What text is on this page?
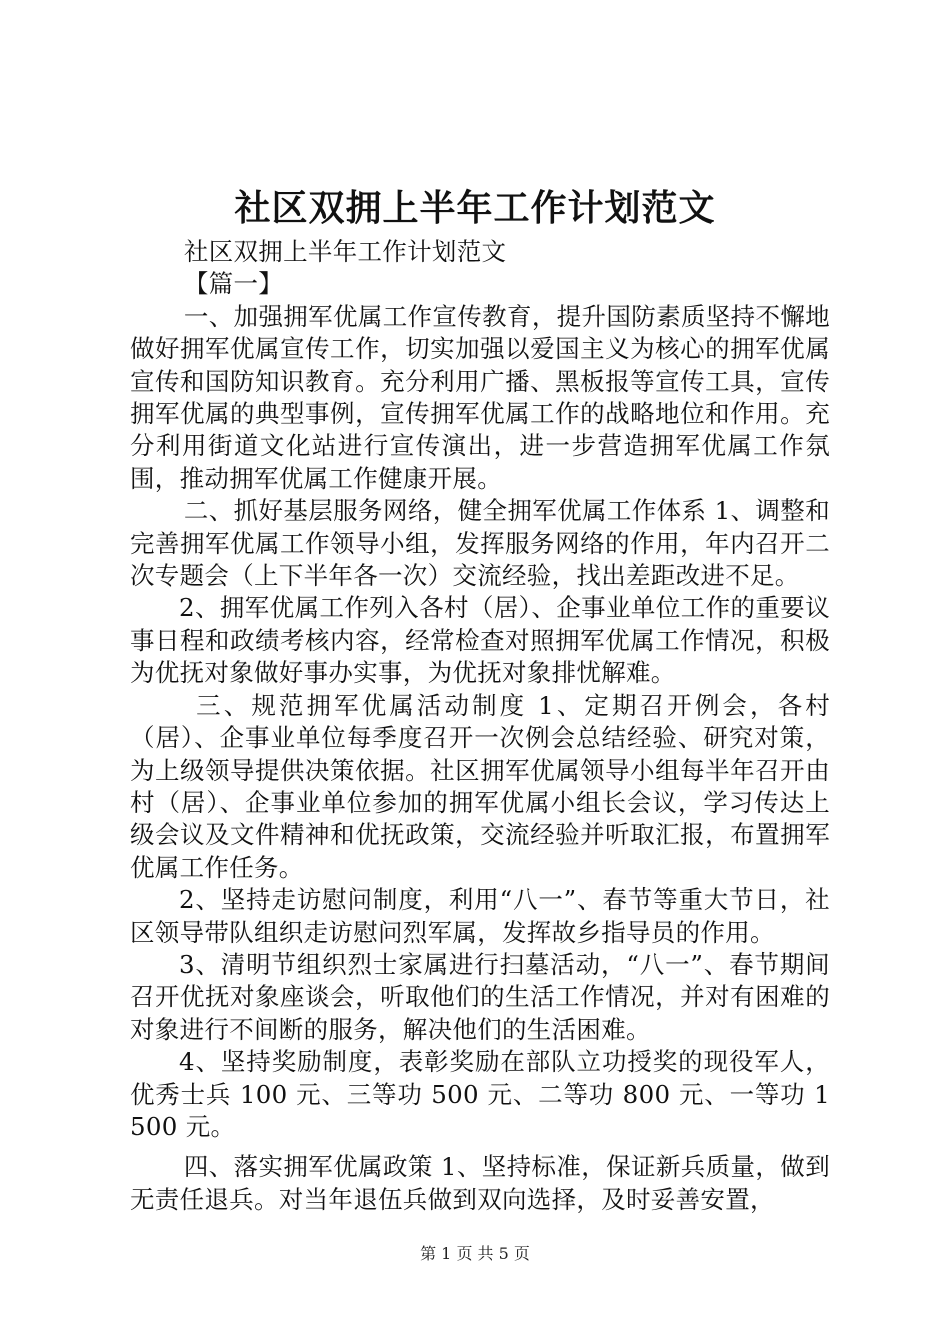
社区双拥上半年工作计划范文

社区双拥上半年工作计划范文

【篇一】

一、加强拥军优属工作宣传教育，提升国防素质坚持不懈地做好拥军优属宣传工作，切实加强以爱国主义为核心的拥军优属宣传和国防知识教育。充分利用广播、黑板报等宣传工具，宣传拥军优属的典型事例，宣传拥军优属工作的战略地位和作用。充分利用街道文化站进行宣传演出，进一步营造拥军优属工作氛围，推动拥军优属工作健康开展。

二、抓好基层服务网络，健全拥军优属工作体系 1、调整和完善拥军优属工作领导小组，发挥服务网络的作用，年内召开二次专题会（上下半年各一次）交流经验，找出差距改进不足。

2、拥军优属工作列入各村（居）、企事业单位工作的重要议事日程和政绩考核内容，经常检查对照拥军优属工作情况，积极为优抚对象做好事办实事，为优抚对象排忧解难。

三、规范拥军优属活动制度 1、定期召开例会，各村（居）、企事业单位每季度召开一次例会总结经验、研究对策，为上级领导提供决策依据。社区拥军优属领导小组每半年召开由村（居）、企事业单位参加的拥军优属小组长会议，学习传达上级会议及文件精神和优抚政策，交流经验并听取汇报，布置拥军优属工作任务。

2、坚持走访慰问制度，利用“八一”、春节等重大节日，社区领导带队组织走访慰问烈军属，发挥故乡指导员的作用。

3、清明节组织烈士家属进行扫墓活动，“八一”、春节期间召开优抚对象座谈会，听取他们的生活工作情况，并对有困难的对象进行不间断的服务，解决他们的生活困难。

4、坚持奖励制度，表彰奖励在部队立功授奖的现役军人，优秀士兵 100 元、三等功 500 元、二等功 800 元、一等功 1500 元。

四、落实拥军优属政策 1、坚持标准，保证新兵质量，做到无责任退兵。对当年退伍兵做到双向选择，及时妥善安置，

第 1 页 共 5 页
